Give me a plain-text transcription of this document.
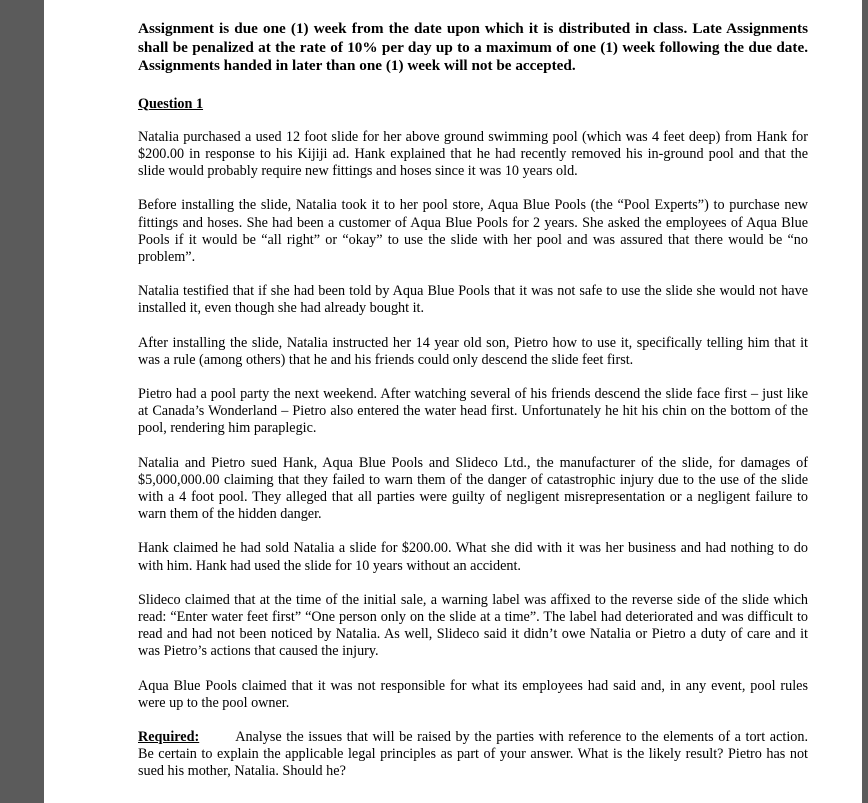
Assignment is due one (1) week from the date upon which it is distributed in class. Late Assignments shall be penalized at the rate of 10% per day up to a maximum of one (1) week following the due date. Assignments handed in later than one (1) week will not be accepted.

Question 1

Natalia purchased a used 12 foot slide for her above ground swimming pool (which was 4 feet deep) from Hank for $200.00 in response to his Kijiji ad. Hank explained that he had recently removed his in-ground pool and that the slide would probably require new fittings and hoses since it was 10 years old.

Before installing the slide, Natalia took it to her pool store, Aqua Blue Pools (the “Pool Experts”) to purchase new fittings and hoses. She had been a customer of Aqua Blue Pools for 2 years. She asked the employees of Aqua Blue Pools if it would be “all right” or “okay” to use the slide with her pool and was assured that there would be “no problem”.

Natalia testified that if she had been told by Aqua Blue Pools that it was not safe to use the slide she would not have installed it, even though she had already bought it.

After installing the slide, Natalia instructed her 14 year old son, Pietro how to use it, specifically telling him that it was a rule (among others) that he and his friends could only descend the slide feet first.

Pietro had a pool party the next weekend. After watching several of his friends descend the slide face first – just like at Canada’s Wonderland – Pietro also entered the water head first. Unfortunately he hit his chin on the bottom of the pool, rendering him paraplegic.

Natalia and Pietro sued Hank, Aqua Blue Pools and Slideco Ltd., the manufacturer of the slide, for damages of $5,000,000.00 claiming that they failed to warn them of the danger of catastrophic injury due to the use of the slide with a 4 foot pool. They alleged that all parties were guilty of negligent misrepresentation or a negligent failure to warn them of the hidden danger.

Hank claimed he had sold Natalia a slide for $200.00. What she did with it was her business and had nothing to do with him. Hank had used the slide for 10 years without an accident.

Slideco claimed that at the time of the initial sale, a warning label was affixed to the reverse side of the slide which read: “Enter water feet first” “One person only on the slide at a time”. The label had deteriorated and was difficult to read and had not been noticed by Natalia. As well, Slideco said it didn’t owe Natalia or Pietro a duty of care and it was Pietro’s actions that caused the injury.

Aqua Blue Pools claimed that it was not responsible for what its employees had said and, in any event, pool rules were up to the pool owner.

Required:	Analyse the issues that will be raised by the parties with reference to the elements of a tort action. Be certain to explain the applicable legal principles as part of your answer. What is the likely result? Pietro has not sued his mother, Natalia. Should he?
